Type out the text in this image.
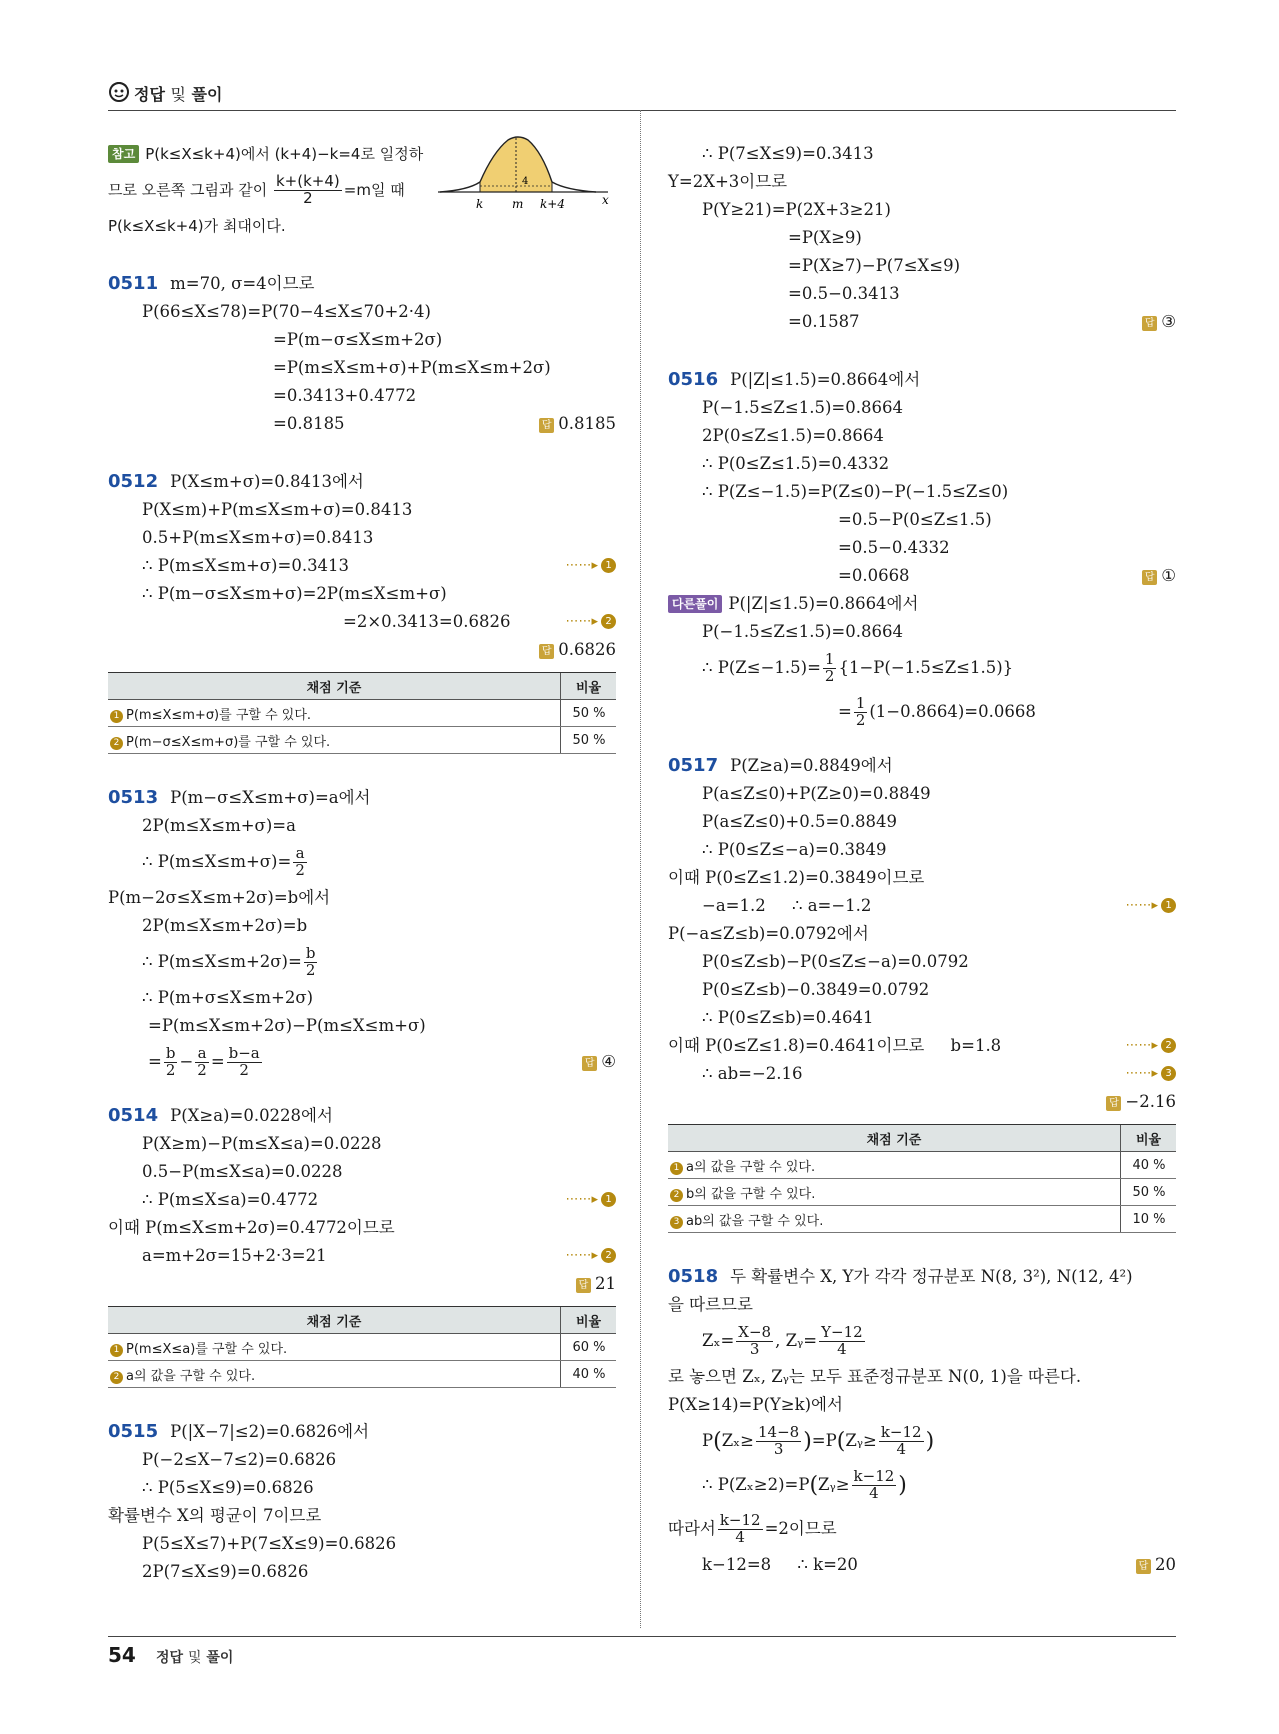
정답 및 풀이
참고 P(k≤X≤k+4)에서 (k+4)−k=4로 일정하
므로 오른쪽 그림과 같이 $\frac{k+(k+4)}{2} =m$일 때
P(k≤X≤k+4)가 최대이다.
k m k+4	x
4
0511 m=70, σ=4이므로
P(66≤X≤78)=P(70−4≤X≤70+2·4)
=P(m−σ≤X≤m+2σ)
=P(m≤X≤m+σ)+P(m≤X≤m+2σ)
=0.3413+0.4772
=0.8185	답 0.8185
0512 P(X≤m+σ)=0.8413에서
P(X≤m)+P(m≤X≤m+σ)=0.8413
0.5+P(m≤X≤m+σ)=0.8413
∴ P(m≤X≤m+σ)=0.3413	⋯⋯▸ 1
∴ P(m−σ≤X≤m+σ)=2P(m≤X≤m+σ)
=2×0.3413=0.6826	⋯⋯▸ 2
답 0.6826
채점 기준	비율
1 P(m≤X≤m+σ)를 구할 수 있다.	50 %
2 P(m−σ≤X≤m+σ)를 구할 수 있다.	50 %
0513 P(m−σ≤X≤m+σ)=a에서
2P(m≤X≤m+σ)=a
∴ $P(m\le X\le m+\sigma)= \frac{a}{2}$
P(m−2σ≤X≤m+2σ)=b에서
2P(m≤X≤m+2σ)=b
∴ $P(m\le X\le m+2\sigma)= \frac{b}{2}$
∴ P(m+σ≤X≤m+2σ)
=P(m≤X≤m+2σ)−P(m≤X≤m+σ)
= $\frac{b}{2} - \frac{a}{2} = \frac{b-a}{2}$	답 ④
0514 P(X≥a)=0.0228에서
P(X≥m)−P(m≤X≤a)=0.0228
0.5−P(m≤X≤a)=0.0228
∴ P(m≤X≤a)=0.4772	⋯⋯▸ 1
이때 P(m≤X≤m+2σ)=0.4772이므로
a=m+2σ=15+2·3=21	⋯⋯▸ 2
답 21
채점 기준	비율
1 P(m≤X≤a)를 구할 수 있다.	60 %
2 a의 값을 구할 수 있다.	40 %
0515 P(|X−7|≤2)=0.6826에서
P(−2≤X−7≤2)=0.6826
∴ P(5≤X≤9)=0.6826
확률변수 X의 평균이 7이므로
P(5≤X≤7)+P(7≤X≤9)=0.6826
2P(7≤X≤9)=0.6826
∴ P(7≤X≤9)=0.3413
Y=2X+3이므로
P(Y≥21)=P(2X+3≥21)
=P(X≥9)
=P(X≥7)−P(7≤X≤9)
=0.5−0.3413
=0.1587	답 ③
0516 P(|Z|≤1.5)=0.8664에서
P(−1.5≤Z≤1.5)=0.8664
2P(0≤Z≤1.5)=0.8664
∴ P(0≤Z≤1.5)=0.4332
∴ P(Z≤−1.5)=P(Z≤0)−P(−1.5≤Z≤0)
=0.5−P(0≤Z≤1.5)
=0.5−0.4332
=0.0668	답 ①
다른풀이 P(|Z|≤1.5)=0.8664에서
P(−1.5≤Z≤1.5)=0.8664
∴ $P(Z\le-1.5)= \frac{1}{2} \{1-P(-1.5\le Z\le 1.5)\}$
= $\frac{1}{2} (1-0.8664)=0.0668$
0517 P(Z≥a)=0.8849에서
P(a≤Z≤0)+P(Z≥0)=0.8849
P(a≤Z≤0)+0.5=0.8849
∴ P(0≤Z≤−a)=0.3849
이때 P(0≤Z≤1.2)=0.3849이므로
−a=1.2     ∴ a=−1.2	⋯⋯▸ 1
P(−a≤Z≤b)=0.0792에서
P(0≤Z≤b)−P(0≤Z≤−a)=0.0792
P(0≤Z≤b)−0.3849=0.0792
∴ P(0≤Z≤b)=0.4641
이때 P(0≤Z≤1.8)=0.4641이므로     b=1.8	⋯⋯▸ 2
∴ ab=−2.16	⋯⋯▸ 3
답 −2.16
채점 기준	비율
1 a의 값을 구할 수 있다.	40 %
2 b의 값을 구할 수 있다.	50 %
3 ab의 값을 구할 수 있다.	10 %
0518 두 확률변수 X, Y가 각각 정규분포 N(8, 3²), N(12, 4²)
을 따르므로
$Z_x= \frac{X-8}{3}$ , Zᵧ= $\frac{Y-12}{4}$
로 놓으면 Zₓ, Zᵧ는 모두 표준정규분포 N(0, 1)을 따른다.
P(X≥14)=P(Y≥k)에서
$P(Z_x\ge \frac{14-8}{3}$ )=P(Zᵧ≥ $\frac{k-12}{4}$ )
∴ P(Zₓ≥2)=P(Zᵧ≥ $\frac{k-12}{4}$ )
따라서 $\frac{k-12}{4} =2$이므로
k−12=8     ∴ k=20	답 20
54 정답 및 풀이
